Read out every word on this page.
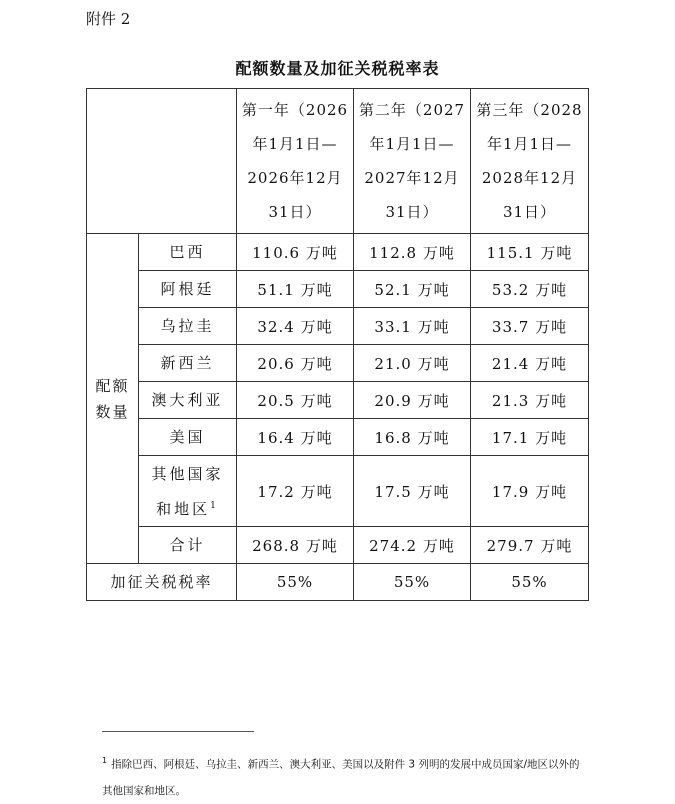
附件 2
配额数量及加征关税税率表

		第一年（2026年1月1日—2026年12月31日）	第二年（2027年1月1日—2027年12月31日）	第三年（2028年1月1日—2028年12月31日）

配额数量	巴西	110.6 万吨	112.8 万吨	115.1 万吨
	阿根廷	51.1 万吨	52.1 万吨	53.2 万吨
	乌拉圭	32.4 万吨	33.1 万吨	33.7 万吨
	新西兰	20.6 万吨	21.0 万吨	21.4 万吨
	澳大利亚	20.5 万吨	20.9 万吨	21.3 万吨
	美国	16.4 万吨	16.8 万吨	17.1 万吨

	其他国家和地区$^1$	17.2 万吨	17.5 万吨	17.9 万吨
	合计	268.8 万吨	274.2 万吨	279.7 万吨
加征关税税率		55%	55%	55%
$^1$ 指除巴西、阿根廷、乌拉圭、新西兰、澳大利亚、美国以及附件 3 列明的发展中成员国家/地区以外的其他国家和地区。
